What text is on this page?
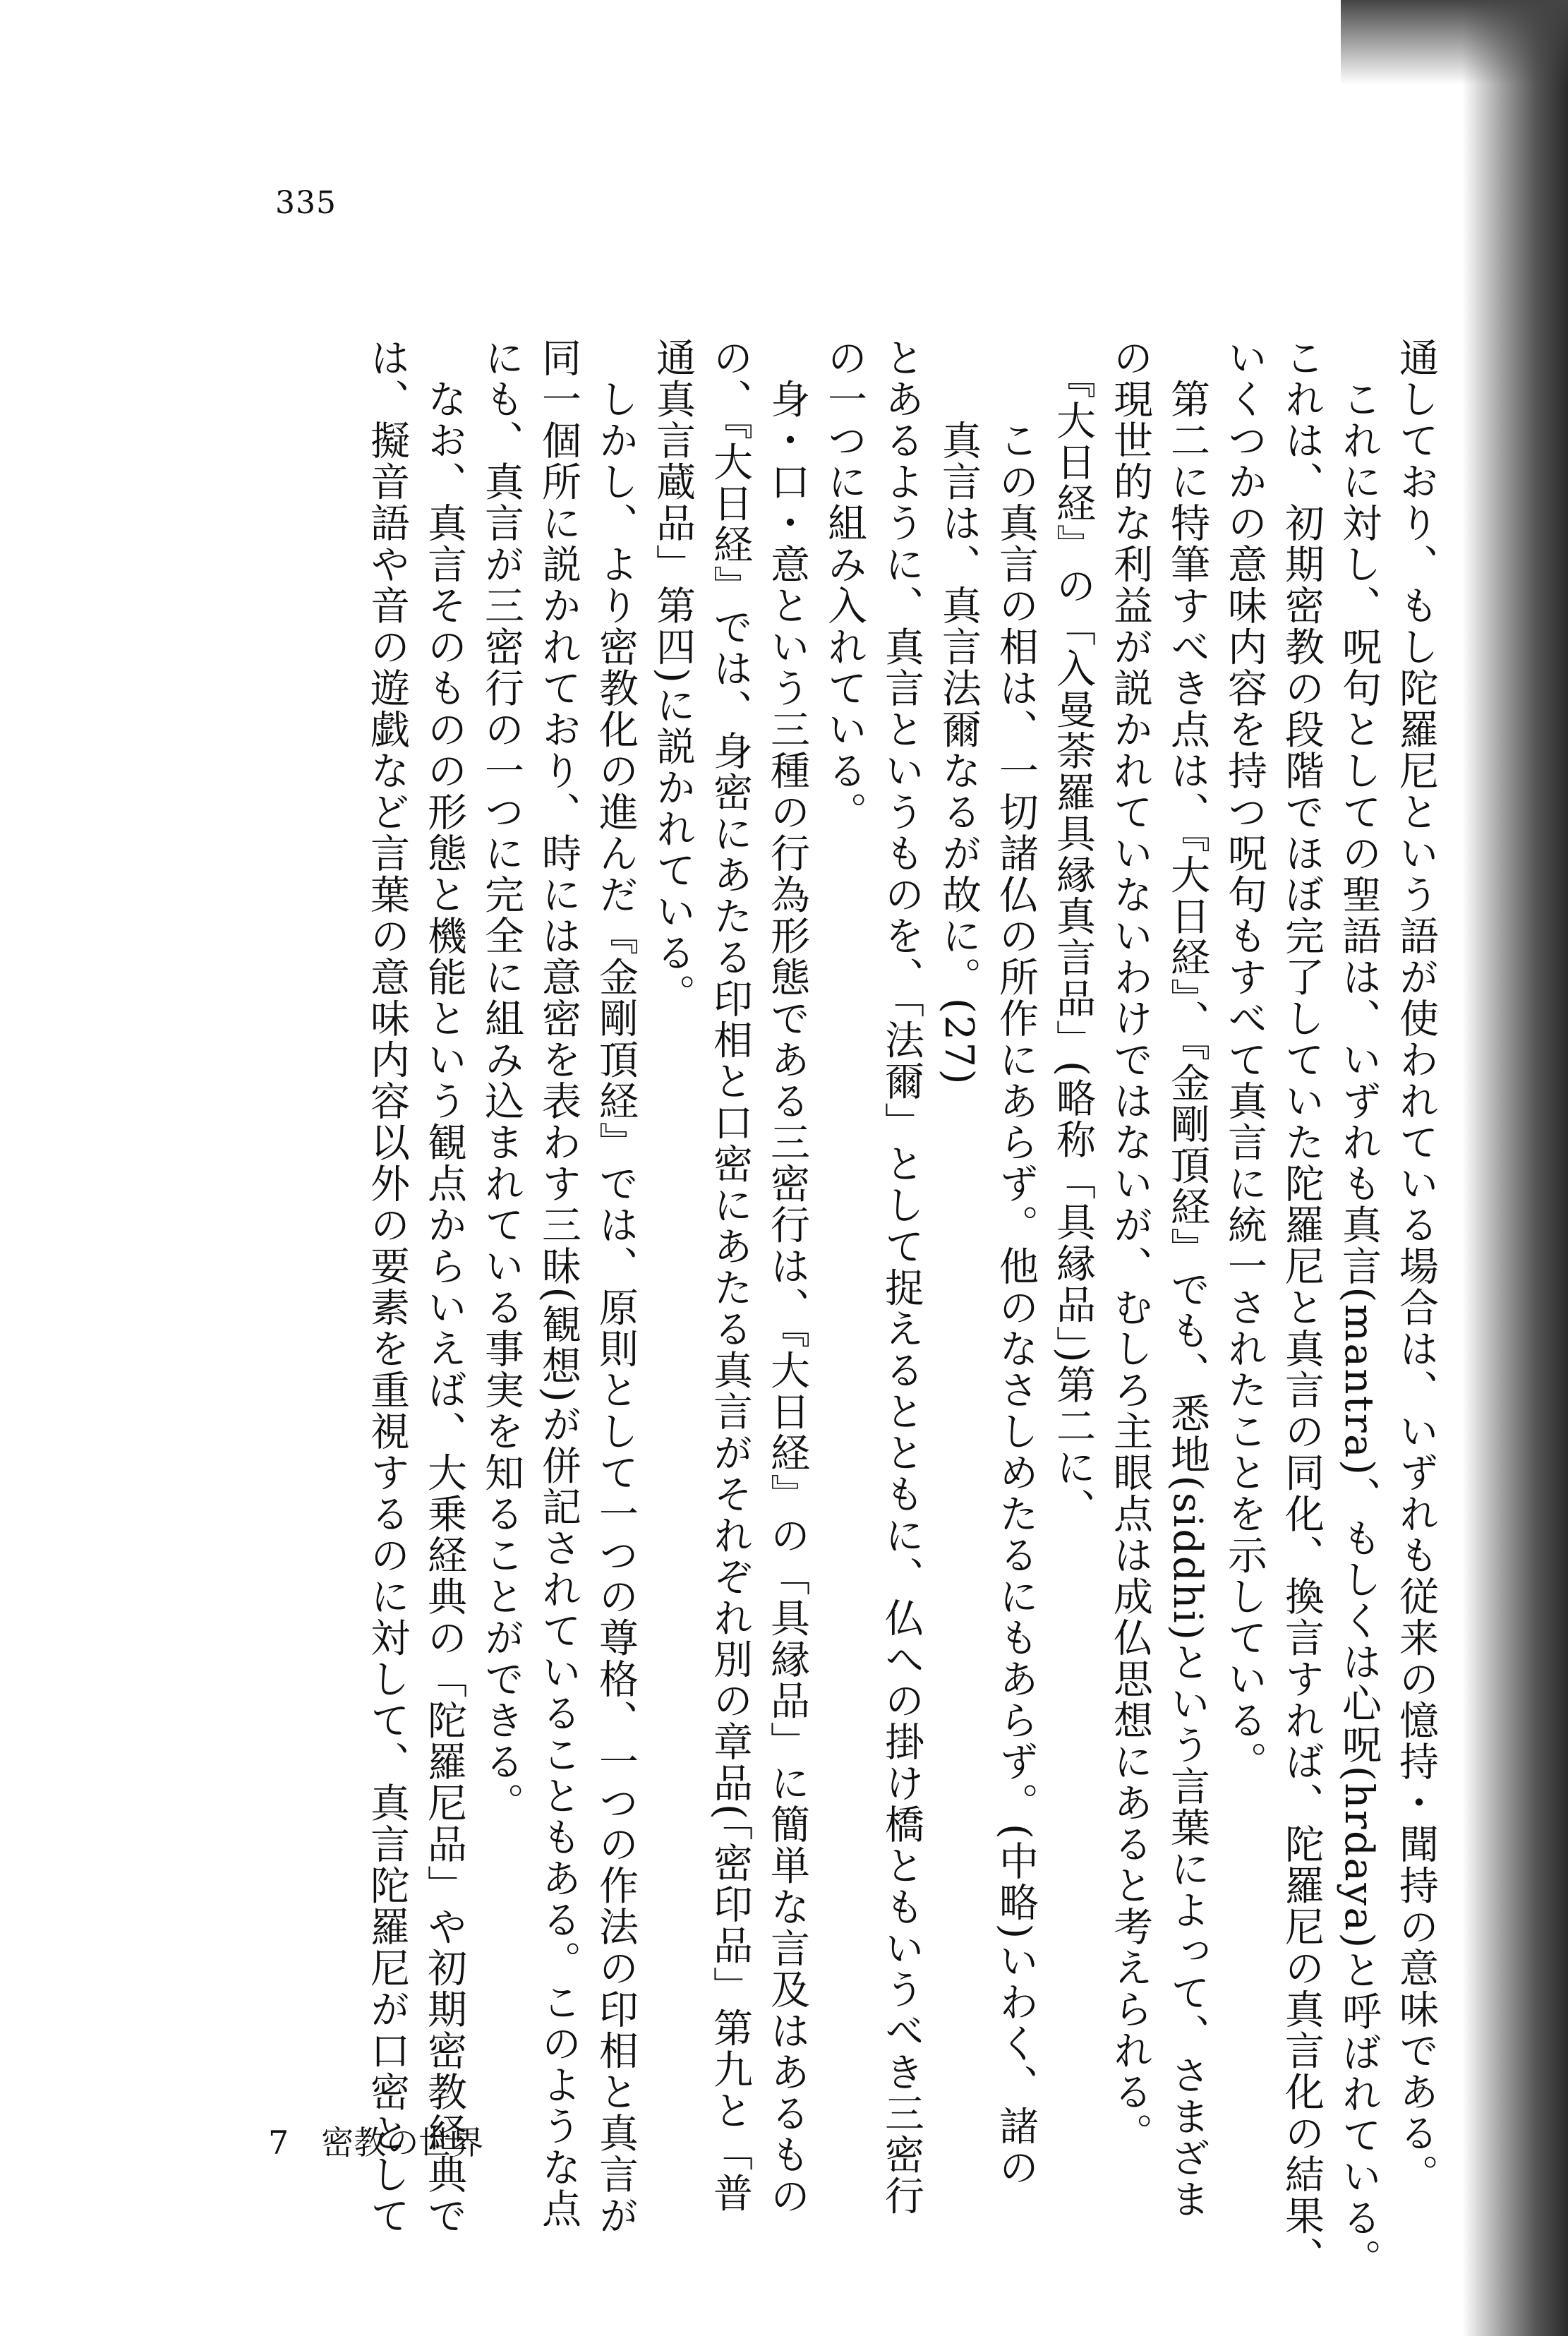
335

通しており、もし陀羅尼という語が使われている場合は、いずれも従来の憶持・聞持の意味である。

　これに対し、呪句としての聖語は、いずれも真言(mantra)、もしくは心呪(hrdaya)と呼ばれている。

これは、初期密教の段階でほぼ完了していた陀羅尼と真言の同化、換言すれば、陀羅尼の真言化の結果、

いくつかの意味内容を持つ呪句もすべて真言に統一されたことを示している。

　第二に特筆すべき点は、『大日経』、『金剛頂経』でも、悉地(siddhi)という言葉によって、さまざま

の現世的な利益が説かれていないわけではないが、むしろ主眼点は成仏思想にあると考えられる。

　『大日経』の「入曼荼羅具縁真言品」(略称「具縁品」)第二に、

　　この真言の相は、一切諸仏の所作にあらず。他のなさしめたるにもあらず。(中略)いわく、諸の

　　真言は、真言法爾なるが故に。(27)

とあるように、真言というものを、「法爾」として捉えるとともに、仏への掛け橋ともいうべき三密行

の一つに組み入れている。

　身・口・意という三種の行為形態である三密行は、『大日経』の「具縁品」に簡単な言及はあるもの

の、『大日経』では、身密にあたる印相と口密にあたる真言がそれぞれ別の章品(「密印品」第九と「普

通真言蔵品」第四)に説かれている。

　しかし、より密教化の進んだ『金剛頂経』では、原則として一つの尊格、一つの作法の印相と真言が

同一個所に説かれており、時には意密を表わす三昧(観想)が併記されていることもある。このような点

にも、真言が三密行の一つに完全に組み込まれている事実を知ることができる。

　なお、真言そのものの形態と機能という観点からいえば、大乗経典の「陀羅尼品」や初期密教経典で

は、擬音語や音の遊戯など言葉の意味内容以外の要素を重視するのに対して、真言陀羅尼が口密として

7　密教の世界
